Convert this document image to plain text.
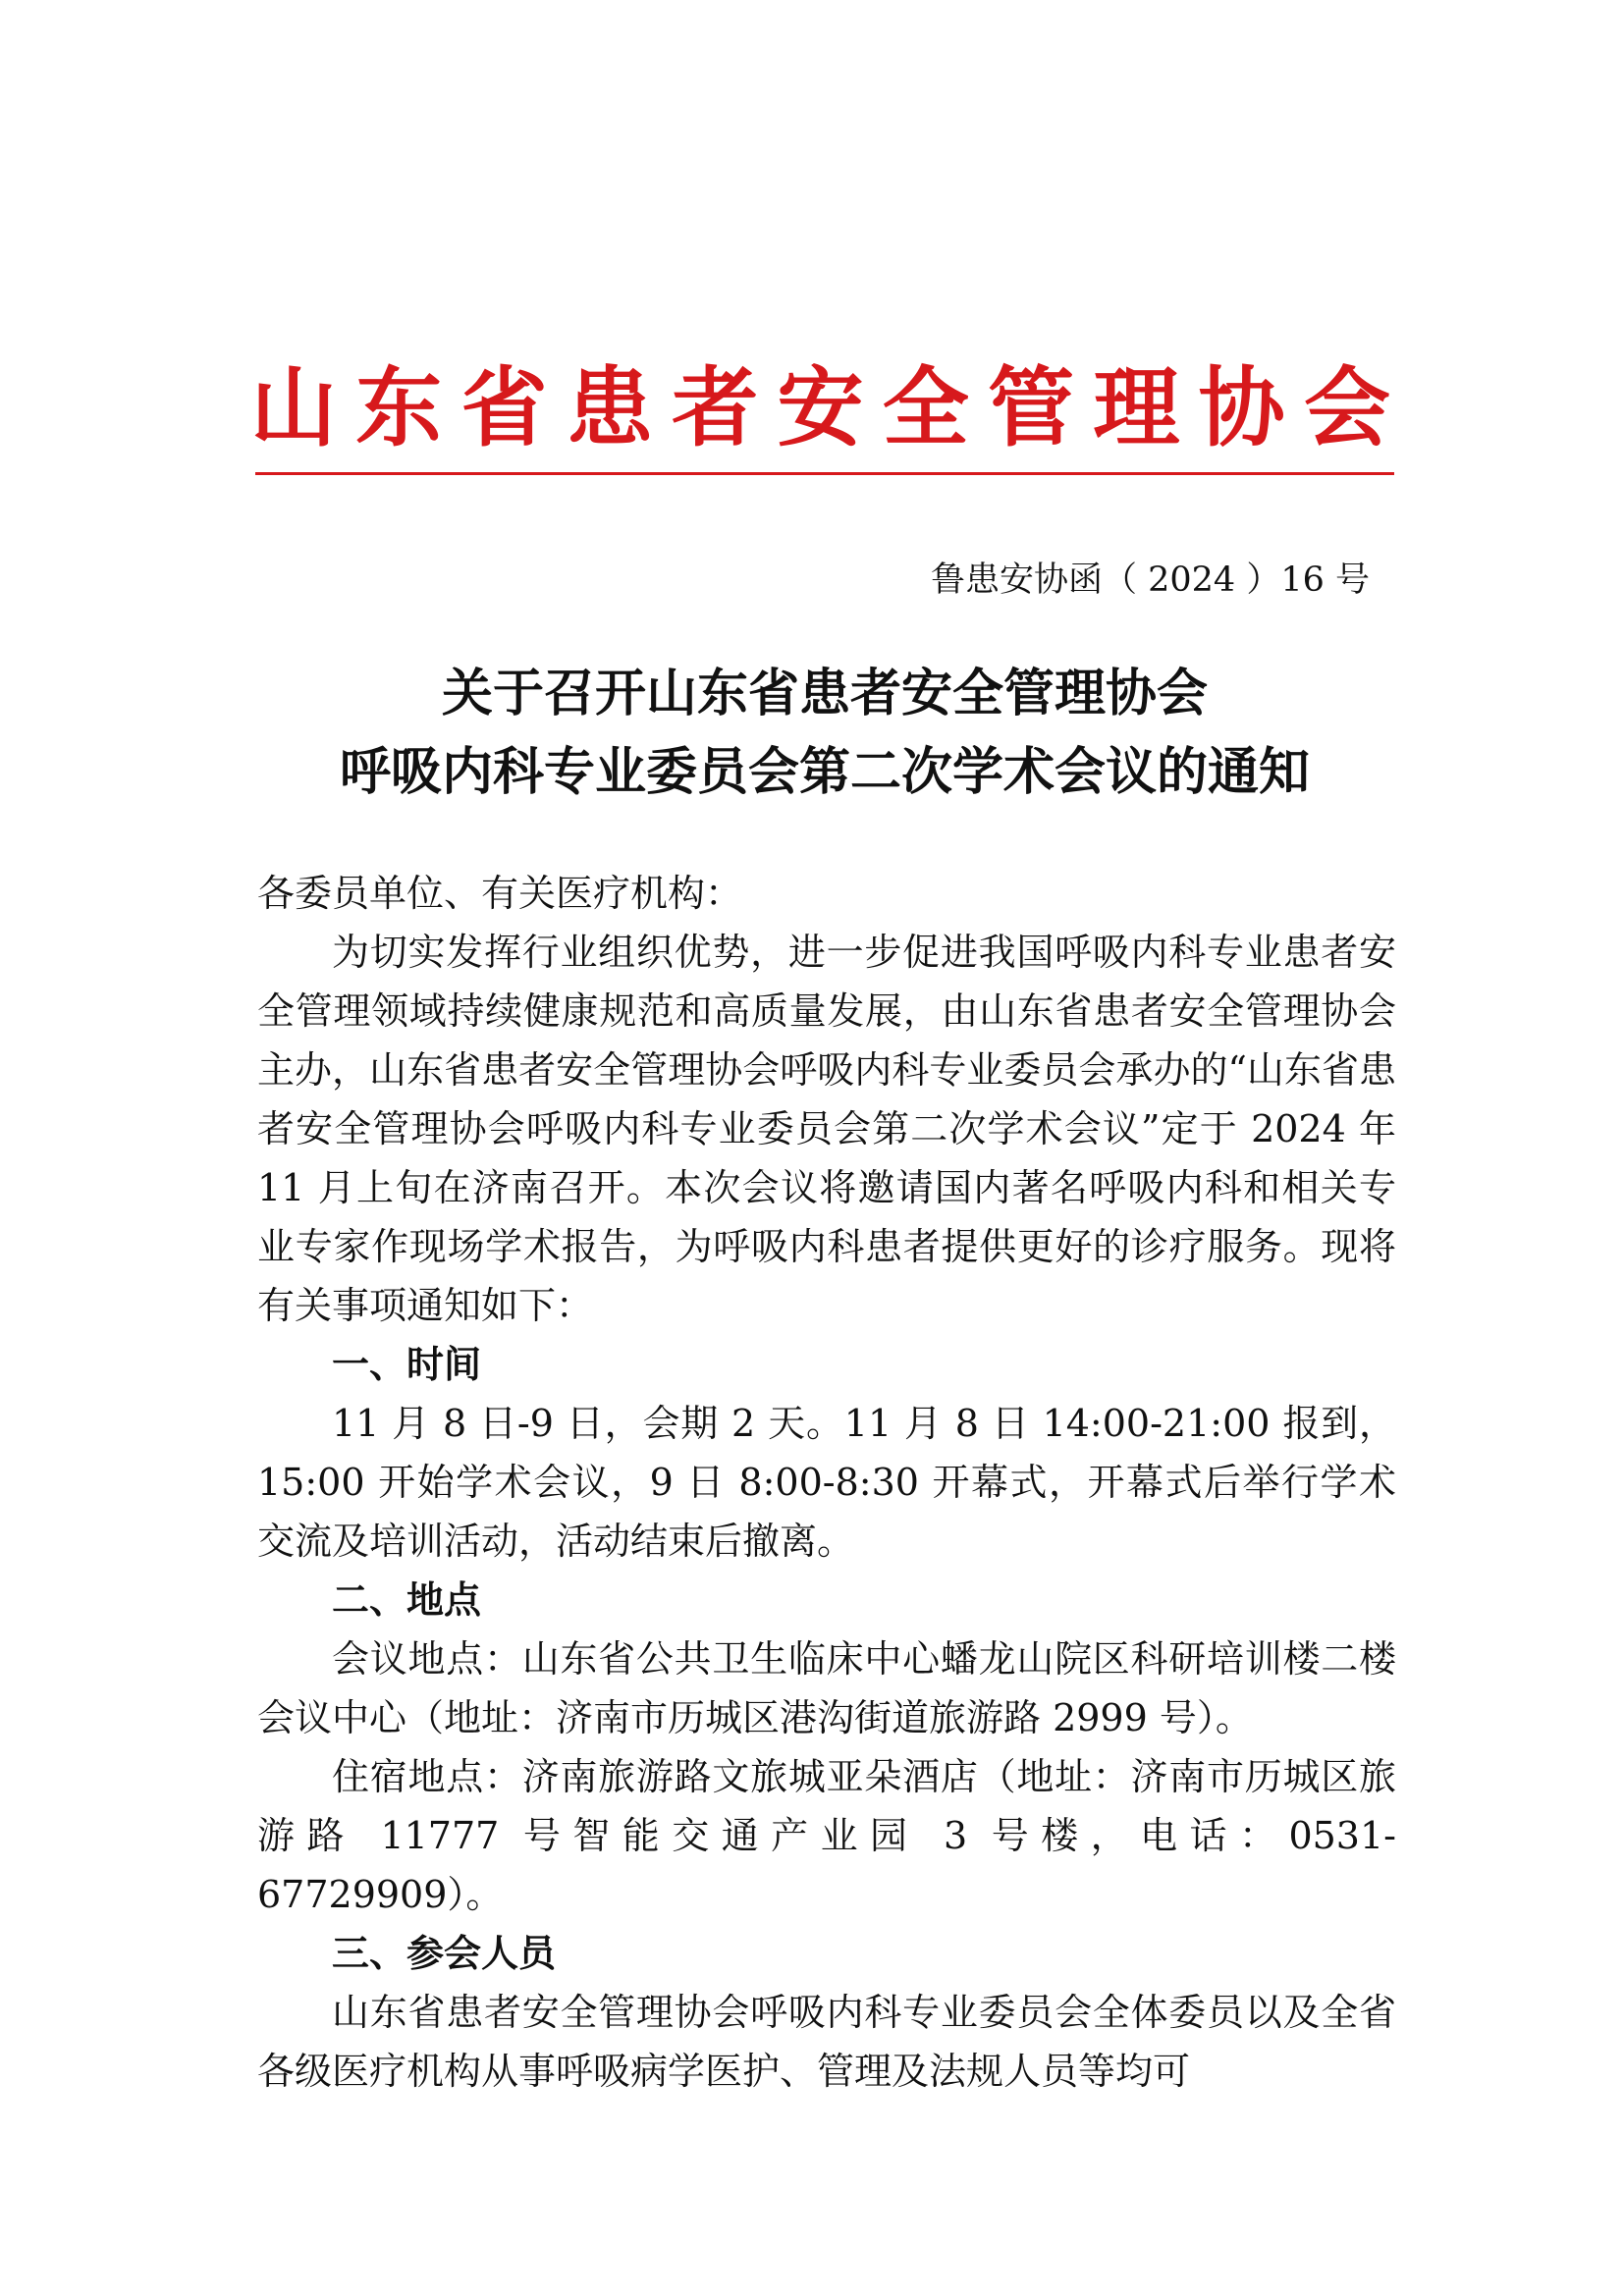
山东省患者安全管理协会
鲁患安协函（ 2024 ）16 号
关于召开山东省患者安全管理协会
呼吸内科专业委员会第二次学术会议的通知

各委员单位、有关医疗机构：

为切实发挥行业组织优势，进一步促进我国呼吸内科专业患者安全管理领域持续健康规范和高质量发展，由山东省患者安全管理协会主办，山东省患者安全管理协会呼吸内科专业委员会承办的“山东省患者安全管理协会呼吸内科专业委员会第二次学术会议”定于 2024 年 11 月上旬在济南召开。本次会议将邀请国内著名呼吸内科和相关专业专家作现场学术报告，为呼吸内科患者提供更好的诊疗服务。现将有关事项通知如下：

一、时间

11 月 8 日-9 日，会期 2 天。11 月 8 日 14:00-21:00 报到，15:00 开始学术会议，9 日 8:00-8:30 开幕式，开幕式后举行学术交流及培训活动，活动结束后撤离。

二、地点

会议地点：山东省公共卫生临床中心蟠龙山院区科研培训楼二楼会议中心（地址：济南市历城区港沟街道旅游路 2999 号）。

住宿地点：济南旅游路文旅城亚朵酒店（地址：济南市历城区旅游路 11777 号智能交通产业园 3 号楼，电话：0531-67729909）。

三、参会人员

山东省患者安全管理协会呼吸内科专业委员会全体委员以及全省各级医疗机构从事呼吸病学医护、管理及法规人员等均可
